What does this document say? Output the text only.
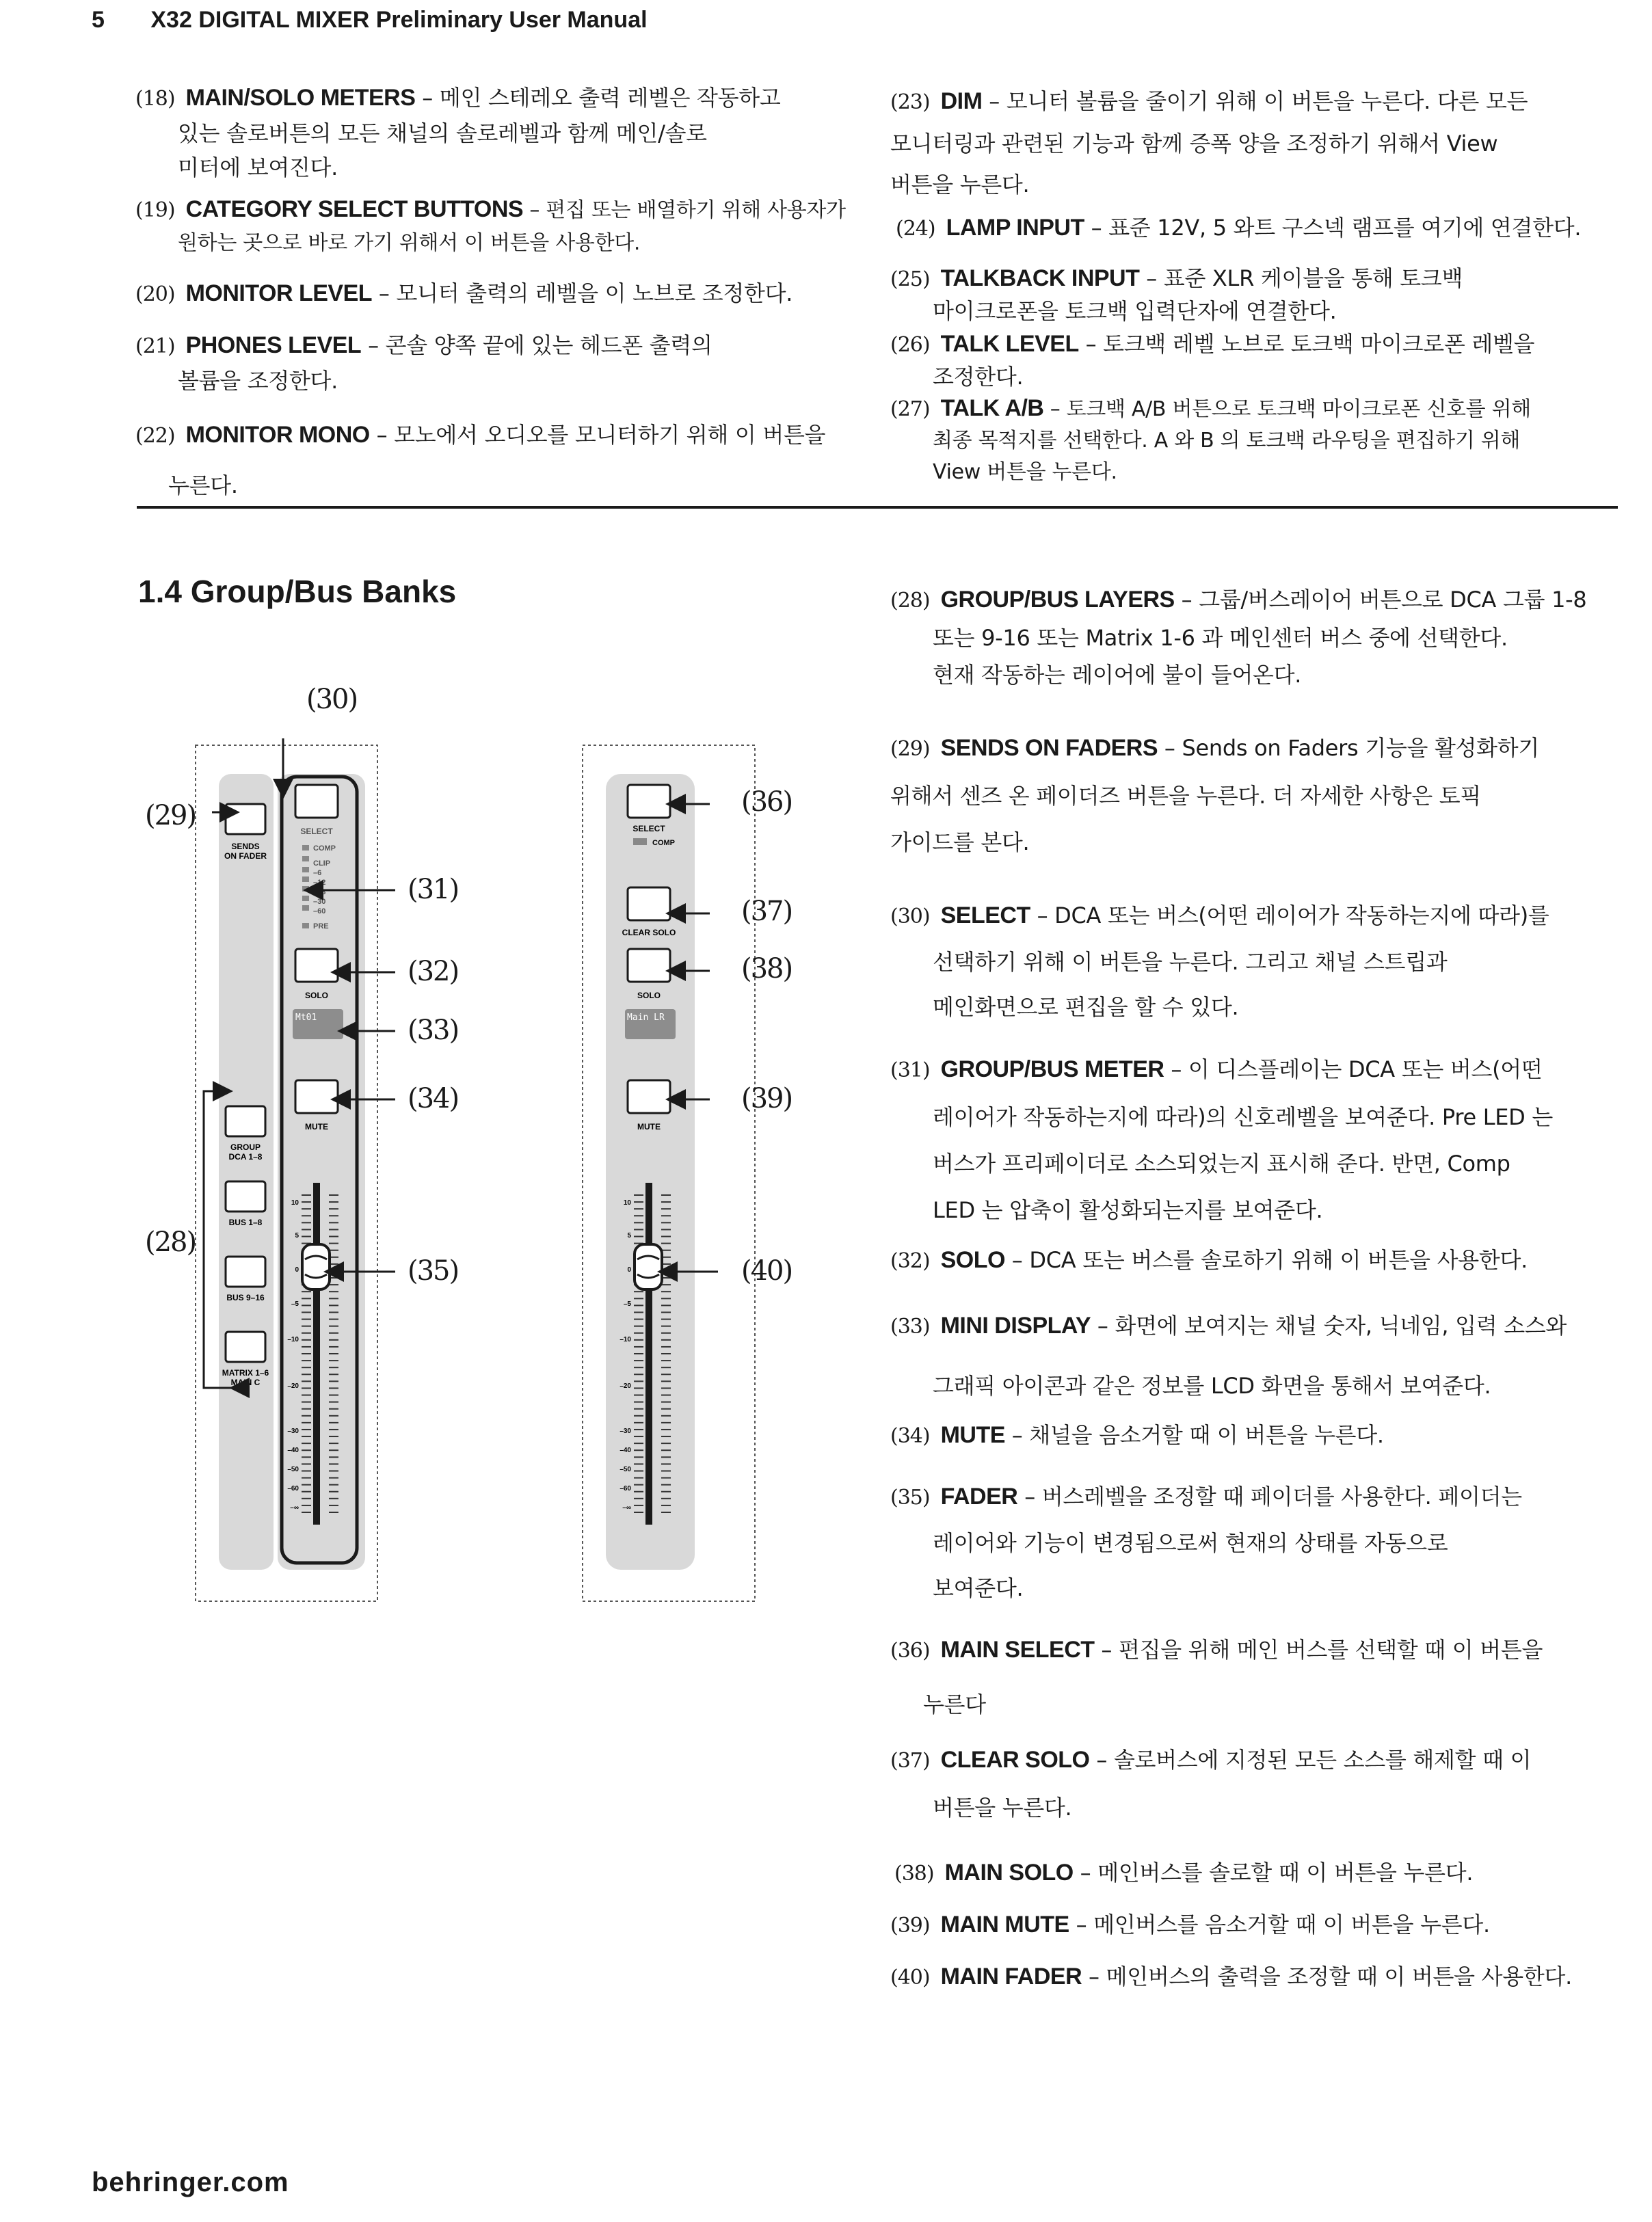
5 X32 DIGITAL MIXER Preliminary User Manual
(18) MAIN/SOLO METERS – 메인 스테레오 출력 레벨은 작동하고
있는 솔로버튼의 모든 채널의 솔로레벨과 함께 메인/솔로
미터에 보여진다.
(19) CATEGORY SELECT BUTTONS – 편집 또는 배열하기 위해 사용자가
원하는 곳으로 바로 가기 위해서 이 버튼을 사용한다.
(20) MONITOR LEVEL – 모니터 출력의 레벨을 이 노브로 조정한다.
(21) PHONES LEVEL – 콘솔 양쪽 끝에 있는 헤드폰 출력의
볼륨을 조정한다.
(22) MONITOR MONO – 모노에서 오디오를 모니터하기 위해 이 버튼을
누른다.
(23) DIM – 모니터 볼륨을 줄이기 위해 이 버튼을 누른다. 다른 모든
모니터링과 관련된 기능과 함께 증폭 양을 조정하기 위해서 View
버튼을 누른다.
(24) LAMP INPUT – 표준 12V, 5 와트 구스넥 램프를 여기에 연결한다.
(25) TALKBACK INPUT – 표준 XLR 케이블을 통해 토크백
마이크로폰을 토크백 입력단자에 연결한다.
(26) TALK LEVEL – 토크백 레벨 노브로 토크백 마이크로폰 레벨을
조정한다.
(27) TALK A/B – 토크백 A/B 버튼으로 토크백 마이크로폰 신호를 위해
최종 목적지를 선택한다. A 와 B 의 토크백 라우팅을 편집하기 위해
View 버튼을 누른다.
1.4 Group/Bus Banks	(28) GROUP/BUS LAYERS – 그룹/버스레이어 버튼으로 DCA 그룹 1-8
또는 9-16 또는 Matrix 1-6 과 메인센터 버스 중에 선택한다.
현재 작동하는 레이어에 불이 들어온다.
(29) SENDS ON FADERS – Sends on Faders 기능을 활성화하기
위해서 센즈 온 페이더즈 버튼을 누른다. 더 자세한 사항은 토픽
가이드를 본다.
(30) SELECT – DCA 또는 버스(어떤 레이어가 작동하는지에 따라)를
선택하기 위해 이 버튼을 누른다. 그리고 채널 스트립과
메인화면으로 편집을 할 수 있다.
(31) GROUP/BUS METER – 이 디스플레이는 DCA 또는 버스(어떤
레이어가 작동하는지에 따라)의 신호레벨을 보여준다. Pre LED 는
버스가 프리페이더로 소스되었는지 표시해 준다. 반면, Comp
LED 는 압축이 활성화되는지를 보여준다.
(32) SOLO – DCA 또는 버스를 솔로하기 위해 이 버튼을 사용한다.
(33) MINI DISPLAY – 화면에 보여지는 채널 숫자, 닉네임, 입력 소스와
그래픽 아이콘과 같은 정보를 LCD 화면을 통해서 보여준다.
(34) MUTE – 채널을 음소거할 때 이 버튼을 누른다.
(35) FADER – 버스레벨을 조정할 때 페이더를 사용한다. 페이더는
레이어와 기능이 변경됨으로써 현재의 상태를 자동으로
보여준다.
(36) MAIN SELECT – 편집을 위해 메인 버스를 선택할 때 이 버튼을
누른다
(37) CLEAR SOLO – 솔로버스에 지정된 모든 소스를 해제할 때 이
버튼을 누른다.
(38) MAIN SOLO – 메인버스를 솔로할 때 이 버튼을 누른다.
(39) MAIN MUTE – 메인버스를 음소거할 때 이 버튼을 누른다.
(40) MAIN FADER – 메인버스의 출력을 조정할 때 이 버튼을 사용한다.
SENDS
ON FADER
GROUP
DCA 1–8
BUS 1–8
BUS 9–16
MATRIX 1–6
MAIN C
SELECT
COMP
CLIP
–6
–12
–18
–30
–60
PRE
SOLO
Mt01
MUTE
10
5
0
–5
–10
–20
–30
–40
–50
–60
–∞
SELECT
COMP
CLEAR SOLO
SOLO
Main LR
MUTE
10
5
0
–5
–10
–20
–30
–40
–50
–60
–∞
(30)
(29)
(31)
(32)
(33)
(34)
(28)
(35)
(36)
(37)
(38)
(39)
(40)
behringer.com
